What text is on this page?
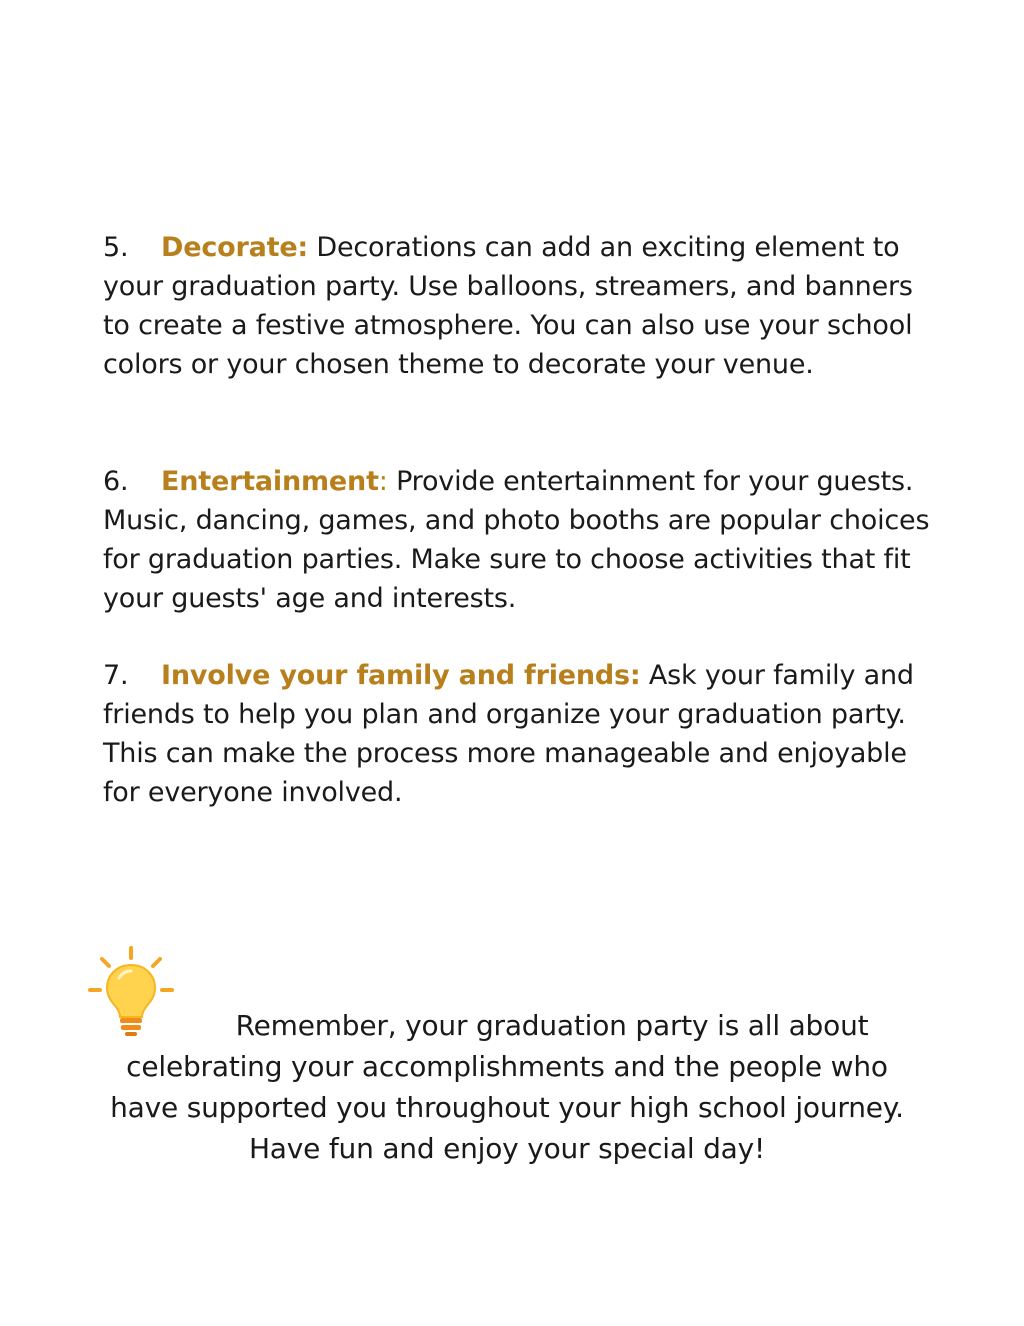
5. Decorate: Decorations can add an exciting element to your graduation party. Use balloons, streamers, and banners to create a festive atmosphere. You can also use your school colors or your chosen theme to decorate your venue.
6. Entertainment: Provide entertainment for your guests. Music, dancing, games, and photo booths are popular choices for graduation parties. Make sure to choose activities that fit your guests' age and interests.
7. Involve your family and friends: Ask your family and friends to help you plan and organize your graduation party. This can make the process more manageable and enjoyable for everyone involved.
Remember, your graduation party is all about
celebrating your accomplishments and the people who
have supported you throughout your high school journey.
Have fun and enjoy your special day!
